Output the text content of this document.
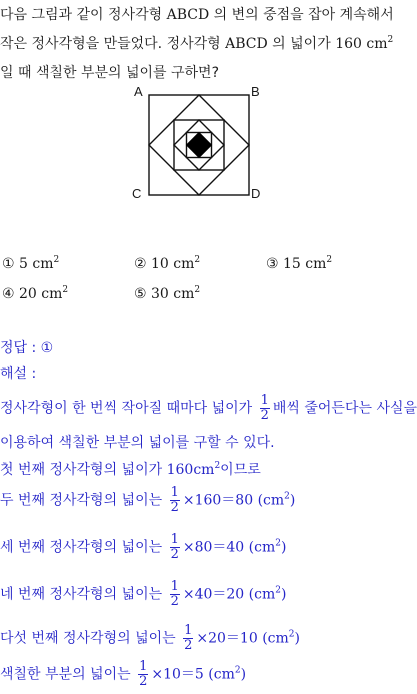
다음 그림과 같이 정사각형 ABCD 의 변의 중점을 잡아 계속해서
작은 정사각형을 만들었다. 정사각형 ABCD 의 넓이가 160 $cm^2$
일 때 색칠한 부분의 넓이를 구하면?
A	B
C	D
① 5 $cm^2$	② 10 $cm^2$	③ 15 $cm^2$
④ 20 $cm^2$	⑤ 30 $cm^2$
정답 : ①
해설 :
정사각형이 한 번씩 작아질 때마다 넓이가 $\frac{1}{2}$ 배씩 줄어든다는 사실을
이용하여 색칠한 부분의 넓이를 구할 수 있다.
첫 번째 정사각형의 넓이가 $160cm^2$이므로
두 번째 정사각형의 넓이는 $\frac{1}{2} \times 160=80$ $(cm^2)$
세 번째 정사각형의 넓이는 $\frac{1}{2} \times 80=40$ $(cm^2)$
네 번째 정사각형의 넓이는 $\frac{1}{2} \times 40=20$ $(cm^2)$
다섯 번째 정사각형의 넓이는 $\frac{1}{2} \times 20=10$ $(cm^2)$
색칠한 부분의 넓이는 $\frac{1}{2} \times 10=5$ $(cm^2)$
